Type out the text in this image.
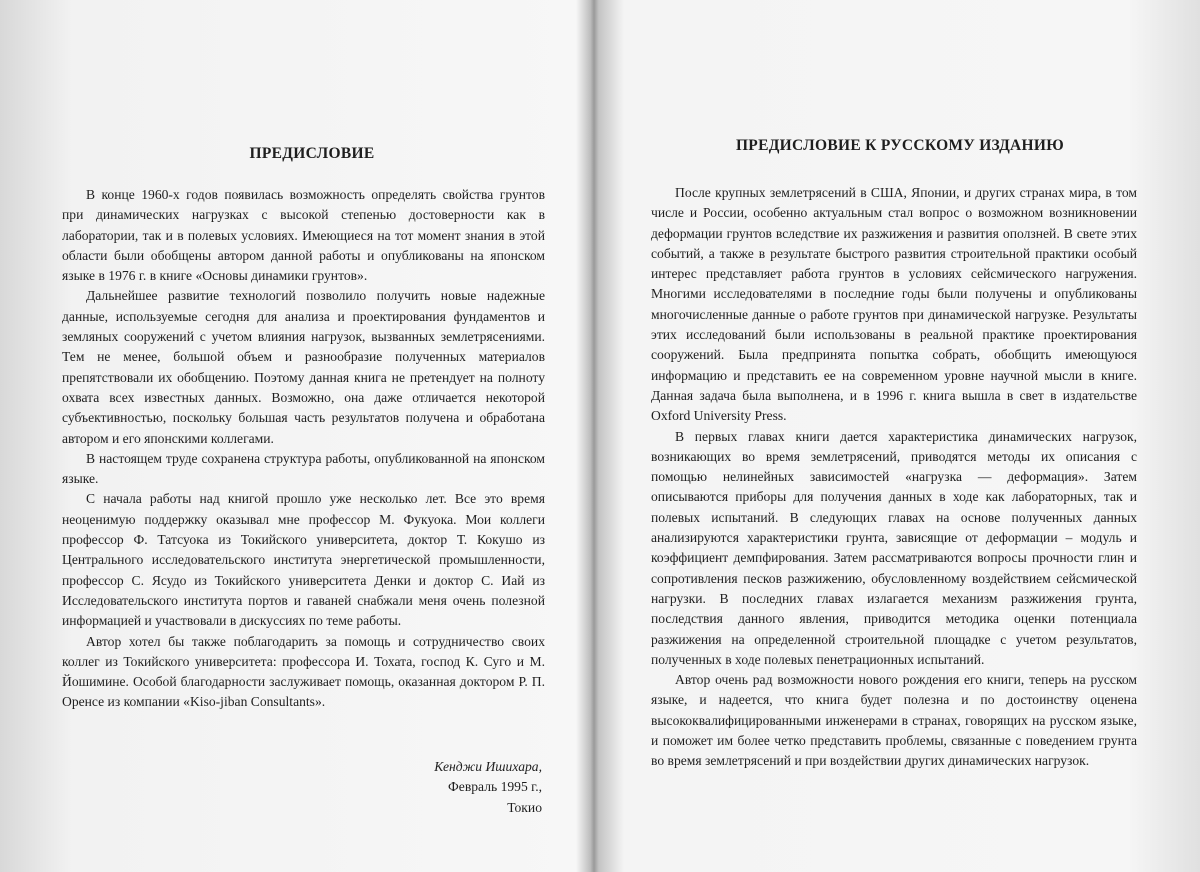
ПРЕДИСЛОВИЕ

В конце 1960-х годов появилась возможность определять свойства грунтов при динамических нагрузках с высокой степенью достоверности как в лаборатории, так и в полевых условиях. Имеющиеся на тот момент знания в этой области были обобщены автором данной работы и опубликованы на японском языке в 1976 г. в книге «Основы динамики грунтов».

Дальнейшее развитие технологий позволило получить новые надежные данные, используемые сегодня для анализа и проектирования фундаментов и земляных сооружений с учетом влияния нагрузок, вызванных землетрясениями. Тем не менее, большой объем и разнообразие полученных материалов препятствовали их обобщению. Поэтому данная книга не претендует на полноту охвата всех известных данных. Возможно, она даже отличается некоторой субъективностью, поскольку большая часть результатов получена и обработана автором и его японскими коллегами.

В настоящем труде сохранена структура работы, опубликованной на японском языке.

С начала работы над книгой прошло уже несколько лет. Все это время неоценимую поддержку оказывал мне профессор М. Фукуока. Мои коллеги профессор Ф. Татсуока из Токийского университета, доктор Т. Кокушо из Центрального исследовательского института энергетической промышленности, профессор С. Ясудо из Токийского университета Денки и доктор С. Иай из Исследовательского института портов и гаваней снабжали меня очень полезной информацией и участвовали в дискуссиях по теме работы.

Автор хотел бы также поблагодарить за помощь и сотрудничество своих коллег из Токийского университета: профессора И. Тохата, господ К. Суго и М. Йошимине. Особой благодарности заслуживает помощь, оказанная доктором Р. П. Оренсе из компании «Kiso-jiban Consultants».

Кенджи Ишихара,
Февраль 1995 г.,
Токио
ПРЕДИСЛОВИЕ К РУССКОМУ ИЗДАНИЮ

После крупных землетрясений в США, Японии, и других странах мира, в том числе и России, особенно актуальным стал вопрос о возможном возникновении деформации грунтов вследствие их разжижения и развития оползней. В свете этих событий, а также в результате быстрого развития строительной практики особый интерес представляет работа грунтов в условиях сейсмического нагружения. Многими исследователями в последние годы были получены и опубликованы многочисленные данные о работе грунтов при динамической нагрузке. Результаты этих исследований были использованы в реальной практике проектирования сооружений. Была предпринята попытка собрать, обобщить имеющуюся информацию и представить ее на современном уровне научной мысли в книге. Данная задача была выполнена, и в 1996 г. книга вышла в свет в издательстве Oxford University Press.

В первых главах книги дается характеристика динамических нагрузок, возникающих во время землетрясений, приводятся методы их описания с помощью нелинейных зависимостей «нагрузка — деформация». Затем описываются приборы для получения данных в ходе как лабораторных, так и полевых испытаний. В следующих главах на основе полученных данных анализируются характеристики грунта, зависящие от деформации – модуль и коэффициент демпфирования. Затем рассматриваются вопросы прочности глин и сопротивления песков разжижению, обусловленному воздействием сейсмической нагрузки. В последних главах излагается механизм разжижения грунта, последствия данного явления, приводится методика оценки потенциала разжижения на определенной строительной площадке с учетом результатов, полученных в ходе полевых пенетрационных испытаний.

Автор очень рад возможности нового рождения его книги, теперь на русском языке, и надеется, что книга будет полезна и по достоинству оценена высококвалифицированными инженерами в странах, говорящих на русском языке, и поможет им более четко представить проблемы, связанные с поведением грунта во время землетрясений и при воздействии других динамических нагрузок.
